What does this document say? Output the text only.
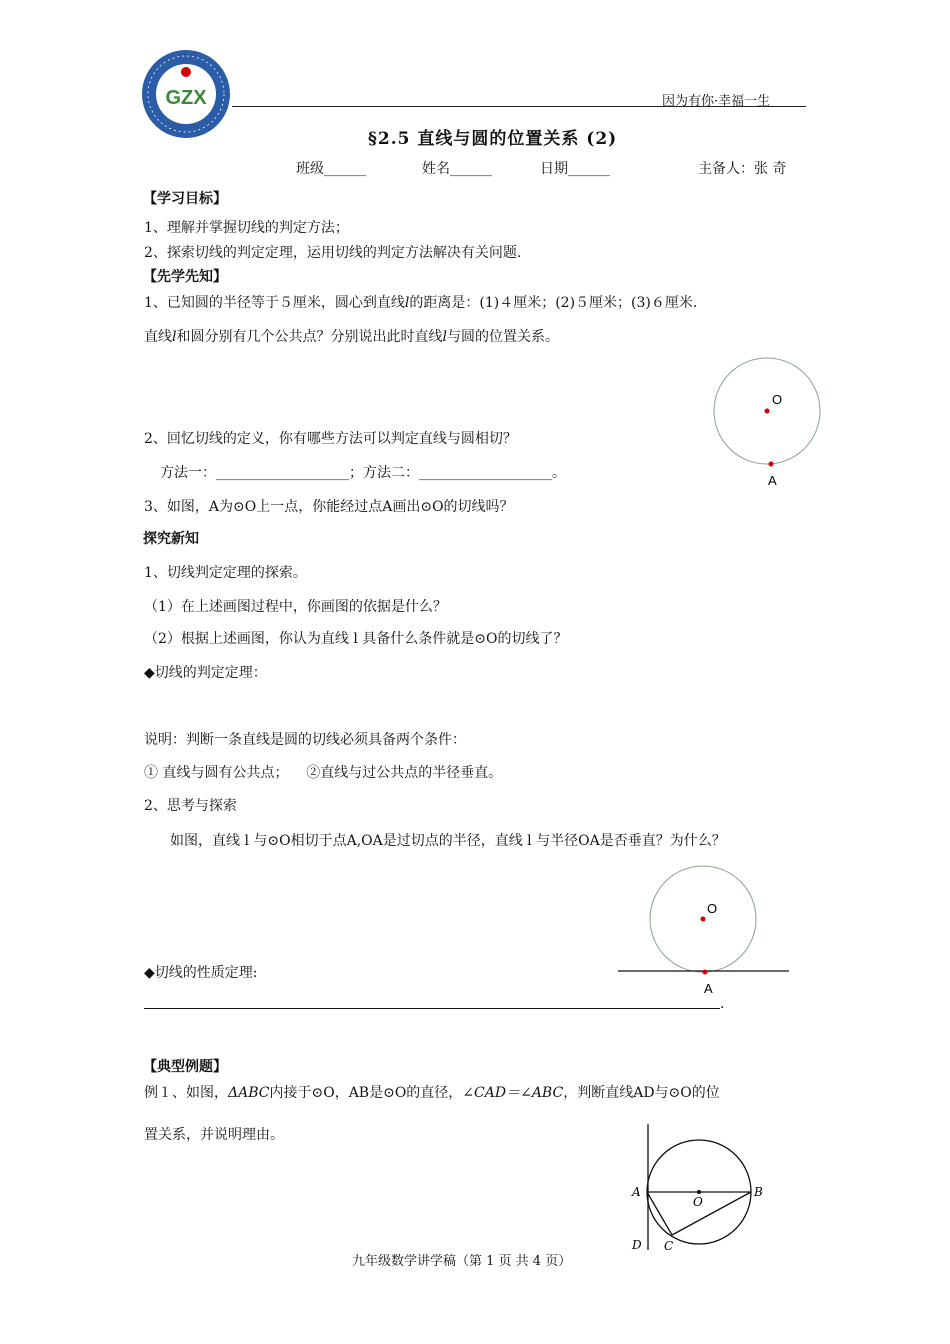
GZX	因为有你·幸福一生
§2.5 直线与圆的位置关系 (2)
班级______	姓名______	日期______	主备人：张 奇
【学习目标】
1、理解并掌握切线的判定方法；
2、探索切线的判定定理，运用切线的判定方法解决有关问题.
【先学先知】
1、已知圆的半径等于５厘米，圆心到直线l的距离是：(1)４厘米；(2)５厘米；(3)６厘米.
直线l和圆分别有几个公共点？分别说出此时直线l与圆的位置关系。
O
A
2、回忆切线的定义，你有哪些方法可以判定直线与圆相切？
方法一：___________________；方法二：___________________。
3、如图，A为⊙O上一点，你能经过点A画出⊙O的切线吗？
探究新知
1、切线判定定理的探索。
（1）在上述画图过程中，你画图的依据是什么？
（2）根据上述画图，你认为直线 l 具备什么条件就是⊙O的切线了？
◆切线的判定定理：
说明：判断一条直线是圆的切线必须具备两个条件：
① 直线与圆有公共点；    ②直线与过公共点的半径垂直。
2、思考与探索
如图，直线 l 与⊙O相切于点A,OA是过切点的半径，直线 l 与半径OA是否垂直？为什么？
O
A
◆切线的性质定理:
.
【典型例题】
例１、如图，ΔABC内接于⊙O，AB是⊙O的直径，∠CAD＝∠ABC，判断直线AD与⊙O的位
置关系，并说明理由。
A	B
O
C
D
九年级数学讲学稿（第 1 页 共 4 页）
